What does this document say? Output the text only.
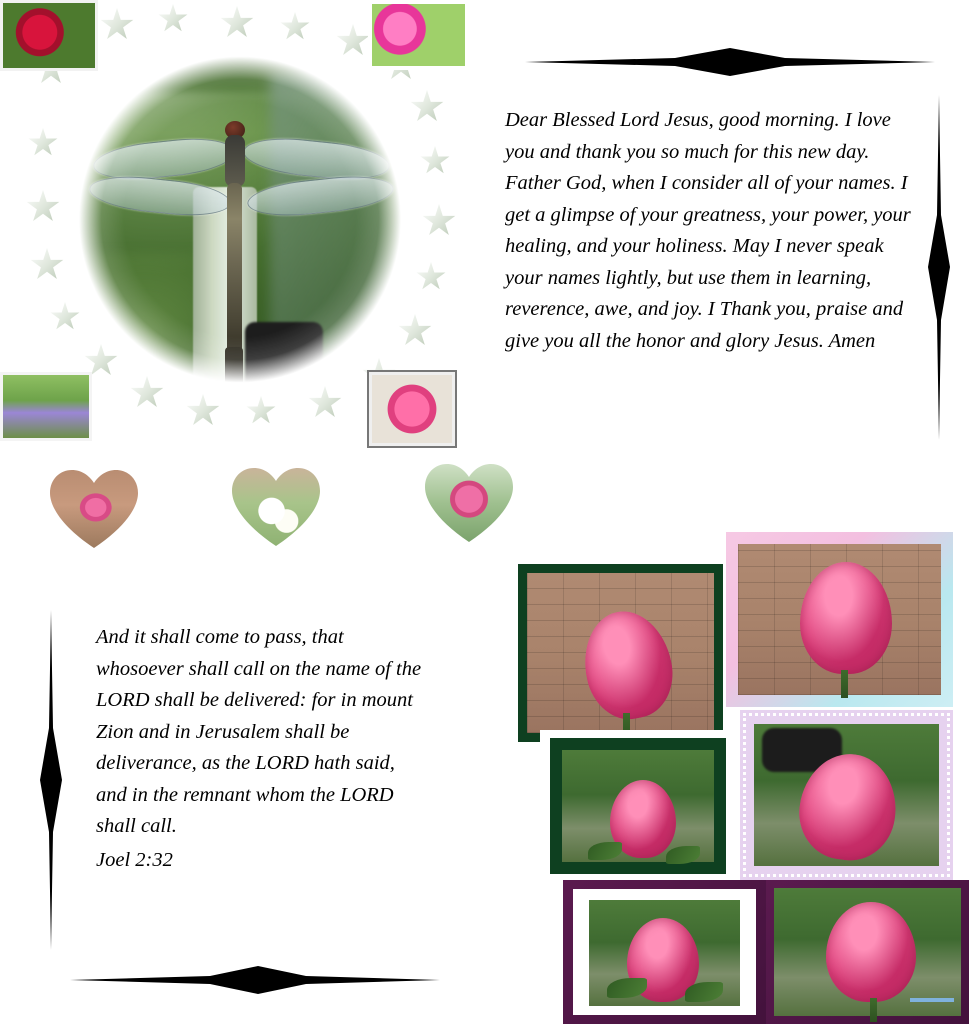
Dear Blessed Lord Jesus, good morning. I love you and thank you so much for this new day. Father God, when I consider all of your names. I get a glimpse of your greatness, your power, your healing, and your holiness. May I never speak your names lightly, but use them in learning, reverence, awe, and joy. I Thank you, praise and give you all the honor and glory Jesus. Amen
And it shall come to pass, that whosoever shall call on the name of the LORD shall be delivered: for in mount Zion and in Jerusalem shall be deliverance, as the LORD hath said, and in the remnant whom the LORD shall call.
Joel 2:32
